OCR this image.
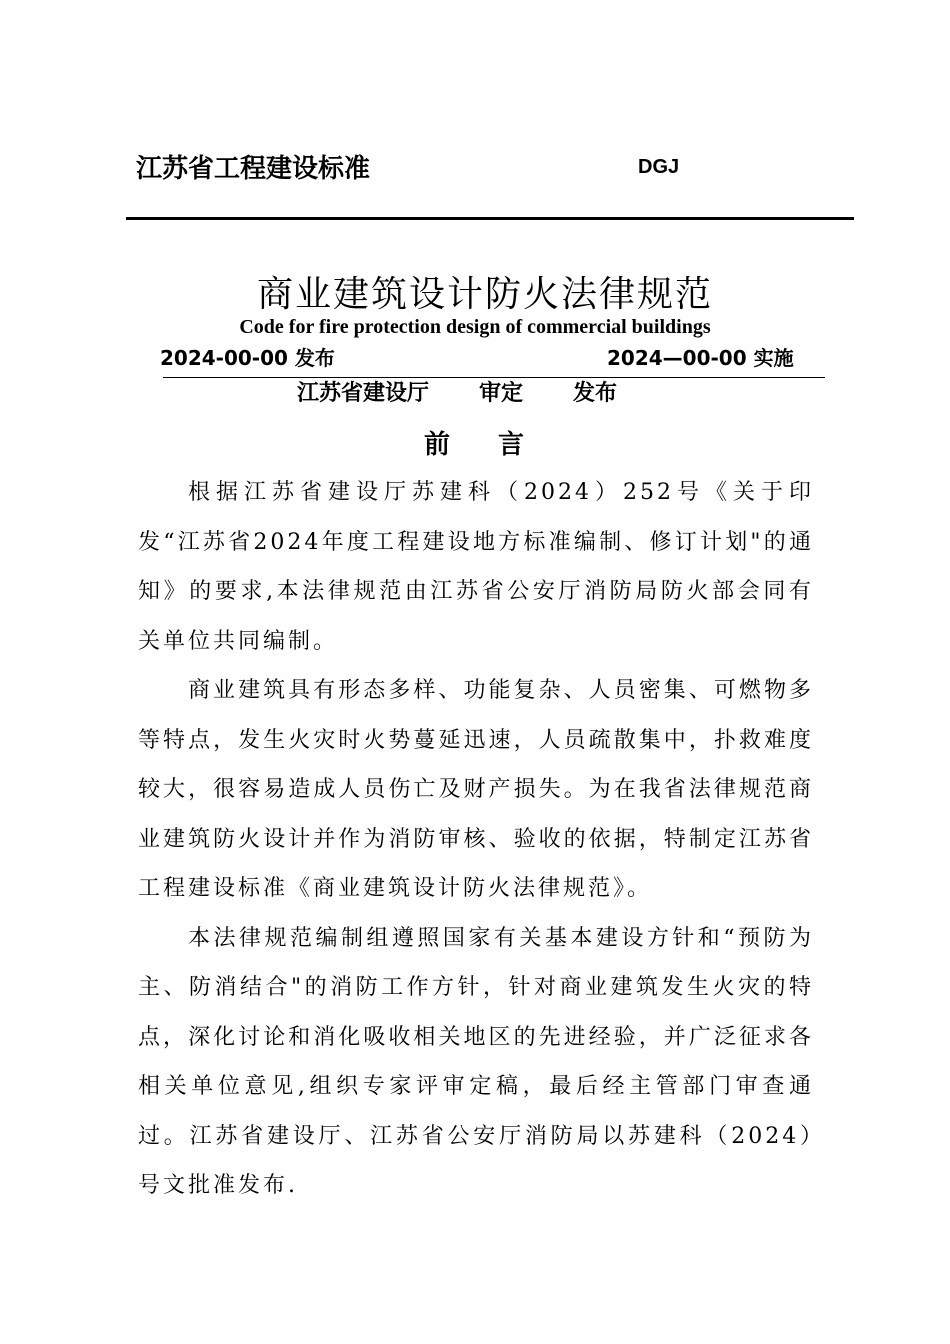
江苏省工程建设标准	DGJ
商业建筑设计防火法律规范
Code for fire protection design of commercial buildings
2024-00-00 发布	2024—00-00 实施
江苏省建设厅 审定 发布
前言

根据江苏省建设厅苏建科（2024）252号《关于印发“江苏省2024年度工程建设地方标准编制、修订计划"的通知》的要求,本法律规范由江苏省公安厅消防局防火部会同有关单位共同编制。

商业建筑具有形态多样、功能复杂、人员密集、可燃物多等特点，发生火灾时火势蔓延迅速，人员疏散集中，扑救难度较大，很容易造成人员伤亡及财产损失。为在我省法律规范商业建筑防火设计并作为消防审核、验收的依据，特制定江苏省工程建设标准《商业建筑设计防火法律规范》。

本法律规范编制组遵照国家有关基本建设方针和“预防为主、防消结合"的消防工作方针，针对商业建筑发生火灾的特点，深化讨论和消化吸收相关地区的先进经验，并广泛征求各相关单位意见,组织专家评审定稿，最后经主管部门审查通过。江苏省建设厅、江苏省公安厅消防局以苏建科（2024）　　号文批准发布.
